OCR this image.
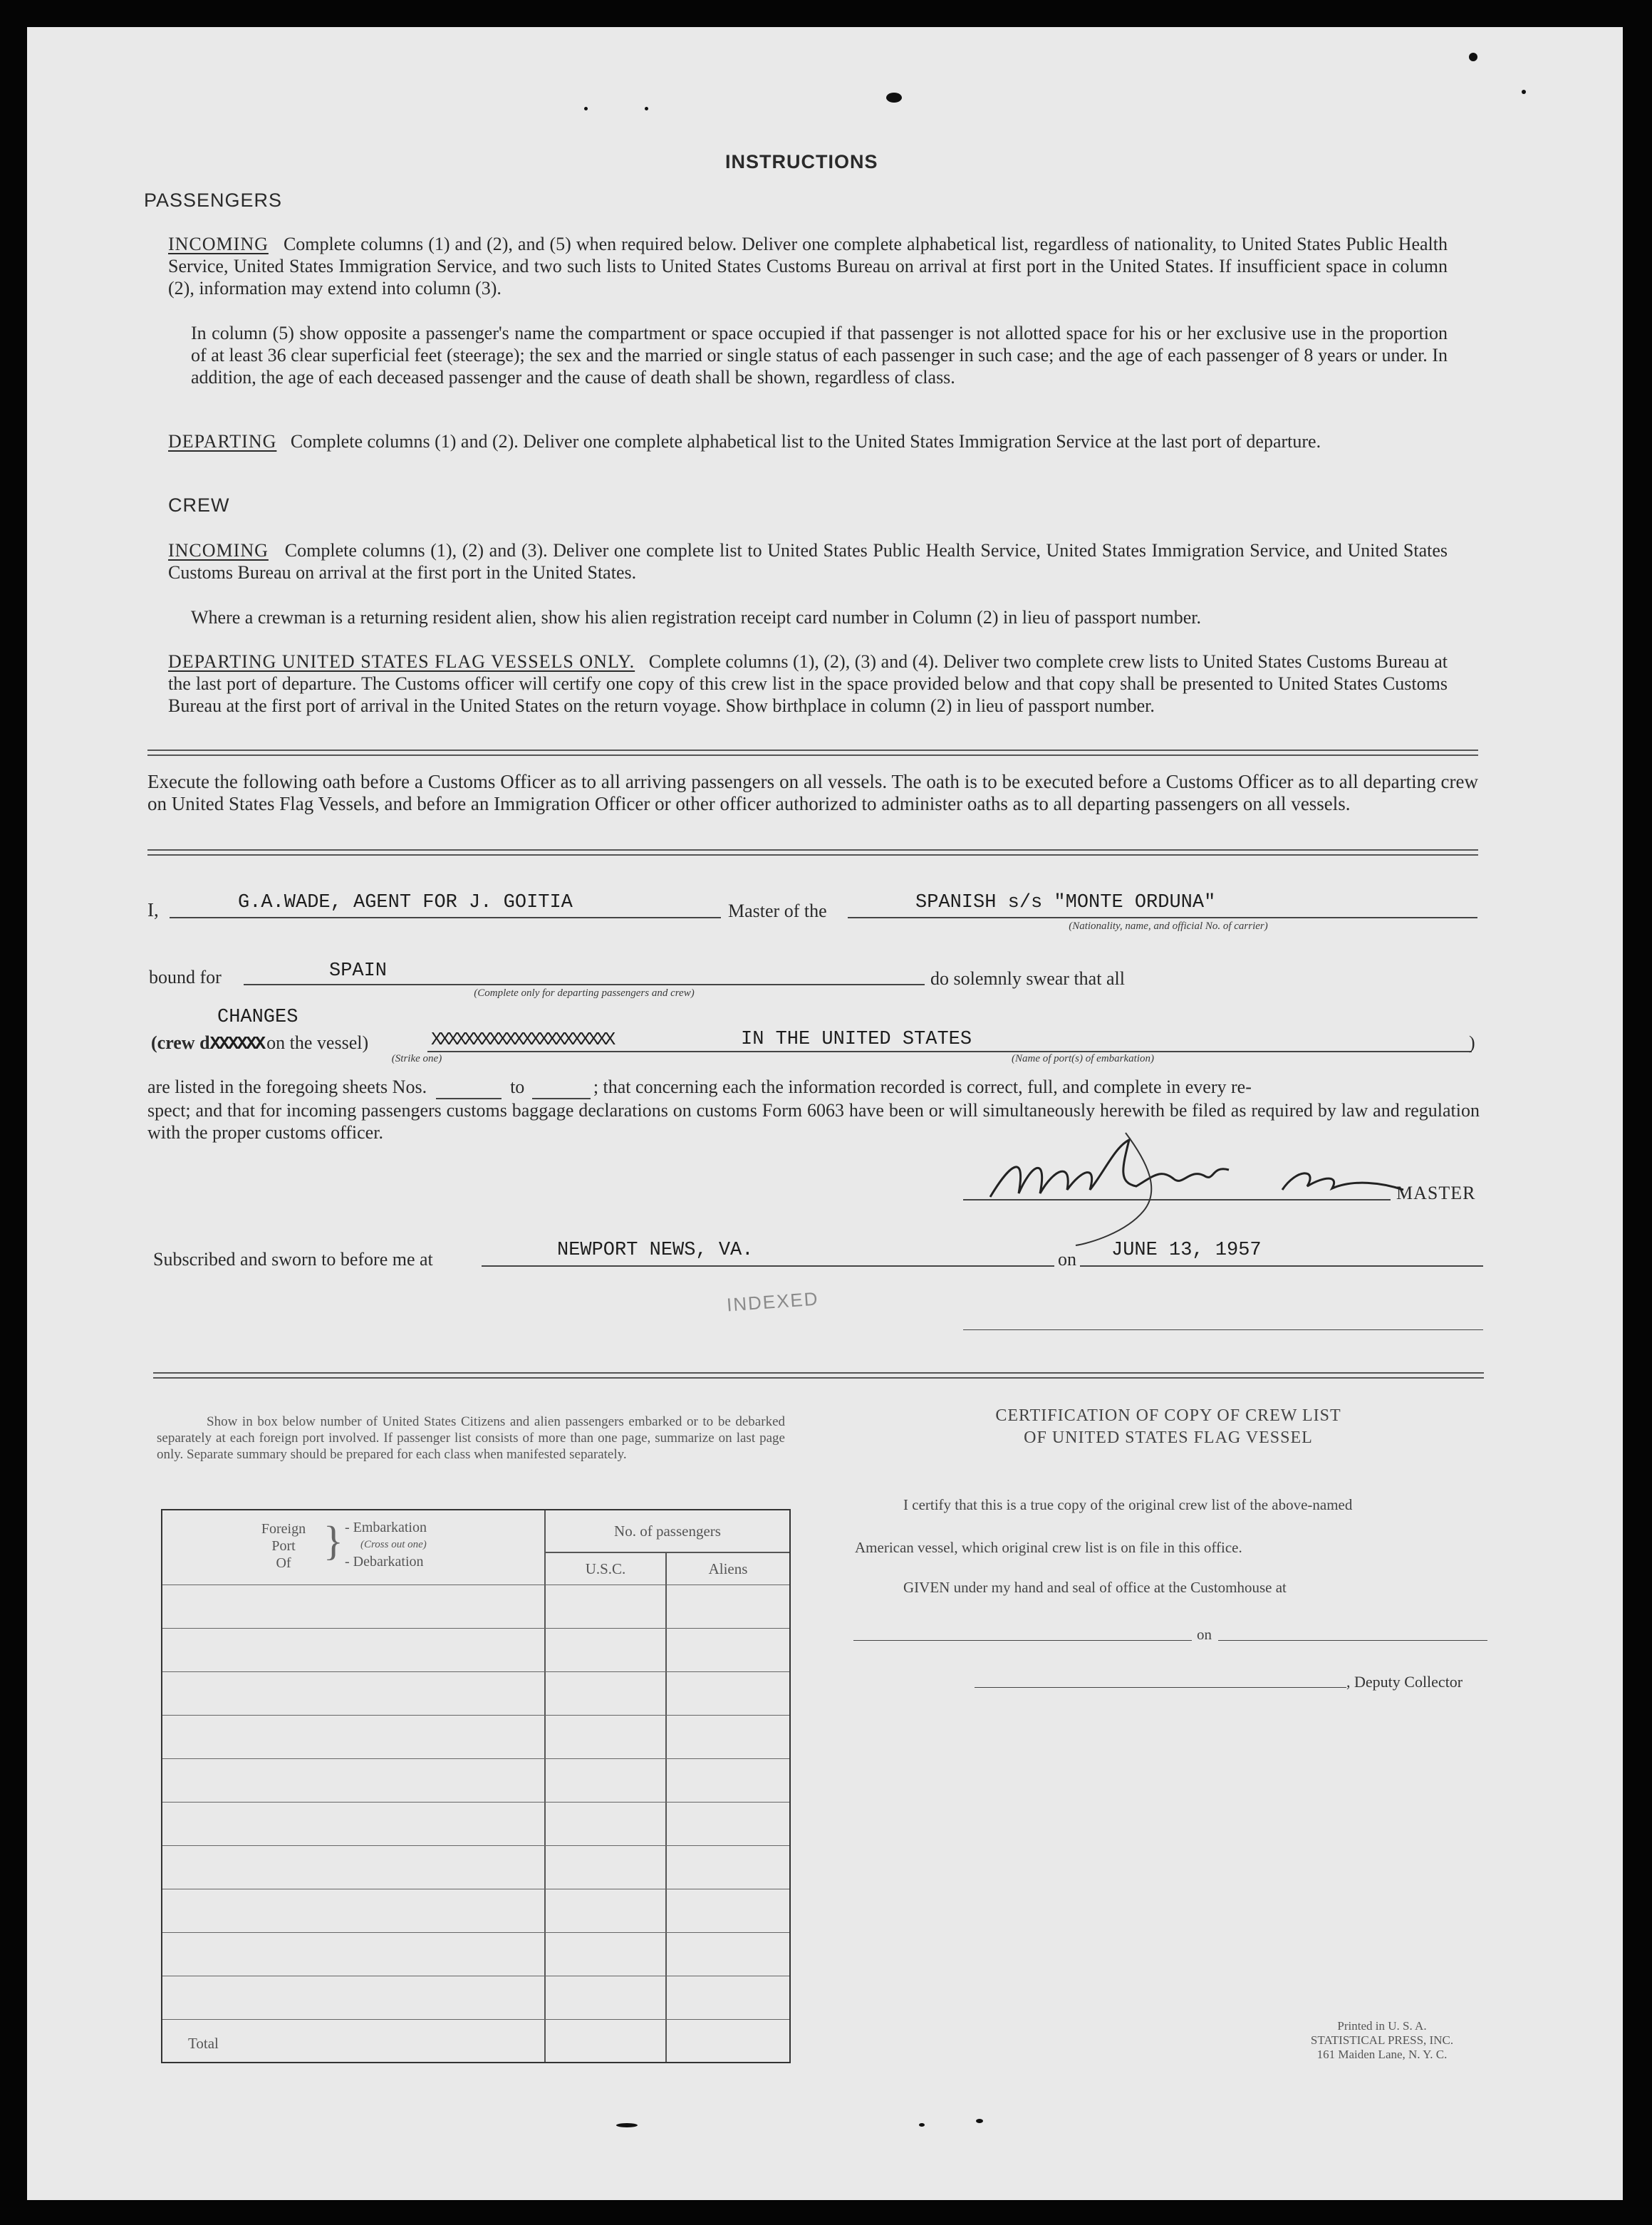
INSTRUCTIONS
PASSENGERS
INCOMING Complete columns (1) and (2), and (5) when required below. Deliver one complete alphabetical list, regardless of nationality, to United States Public Health Service, United States Immigration Service, and two such lists to United States Customs Bureau on arrival at first port in the United States. If insufficient space in column (2), information may extend into column (3).
In column (5) show opposite a passenger's name the compartment or space occupied if that passenger is not allotted space for his or her exclusive use in the proportion of at least 36 clear superficial feet (steerage); the sex and the married or single status of each passenger in such case; and the age of each passenger of 8 years or under. In addition, the age of each deceased passenger and the cause of death shall be shown, regardless of class.
DEPARTING Complete columns (1) and (2). Deliver one complete alphabetical list to the United States Immigration Service at the last port of departure.
CREW
INCOMING Complete columns (1), (2) and (3). Deliver one complete list to United States Public Health Service, United States Immigration Service, and United States Customs Bureau on arrival at the first port in the United States.
Where a crewman is a returning resident alien, show his alien registration receipt card number in Column (2) in lieu of passport number.
DEPARTING UNITED STATES FLAG VESSELS ONLY. Complete columns (1), (2), (3) and (4). Deliver two complete crew lists to United States Customs Bureau at the last port of departure. The Customs officer will certify one copy of this crew list in the space provided below and that copy shall be presented to United States Customs Bureau at the first port of arrival in the United States on the return voyage. Show birthplace in column (2) in lieu of passport number.
Execute the following oath before a Customs Officer as to all arriving passengers on all vessels. The oath is to be executed before a Customs Officer as to all departing crew on United States Flag Vessels, and before an Immigration Officer or other officer authorized to administer oaths as to all departing passengers on all vessels.
I,	G.A.WADE, AGENT FOR J. GOITIA	Master of the	SPANISH s/s "MONTE ORDUNA"
(Nationality, name, and official No. of carrier)
bound for	SPAIN
(Complete only for departing passengers and crew)
do solemnly swear that all
CHANGES
(crew dXXXXXX on the vessel)
(Strike one)
XXXXXXXXXXXXXXXXXXXXXX	IN THE UNITED STATES
(Name of port(s) of embarkation)
)
are listed in the foregoing sheets Nos.	to	; that concerning each the information recorded is correct, full, and complete in every re-
spect; and that for incoming passengers customs baggage declarations on customs Form 6063 have been or will simultaneously herewith be filed as required by law and regulation with the proper customs officer.
MASTER
Subscribed and sworn to before me at	NEWPORT NEWS, VA.	on JUNE 13, 1957
INDEXED
Show in box below number of United States Citizens and alien passengers embarked or to be debarked separately at each foreign port involved. If passenger list consists of more than one page, summarize on last page only. Separate summary should be prepared for each class when manifested separately.
Foreign
Port
Of } - Embarkation
(Cross out one)
- Debarkation
No. of passengers
U.S.C.	Aliens
Total
CERTIFICATION OF COPY OF CREW LIST
OF UNITED STATES FLAG VESSEL
I certify that this is a true copy of the original crew list of the above-named
American vessel, which original crew list is on file in this office.
GIVEN under my hand and seal of office at the Customhouse at
on
, Deputy Collector
Printed in U. S. A.
STATISTICAL PRESS, INC.
161 Maiden Lane, N. Y. C.
